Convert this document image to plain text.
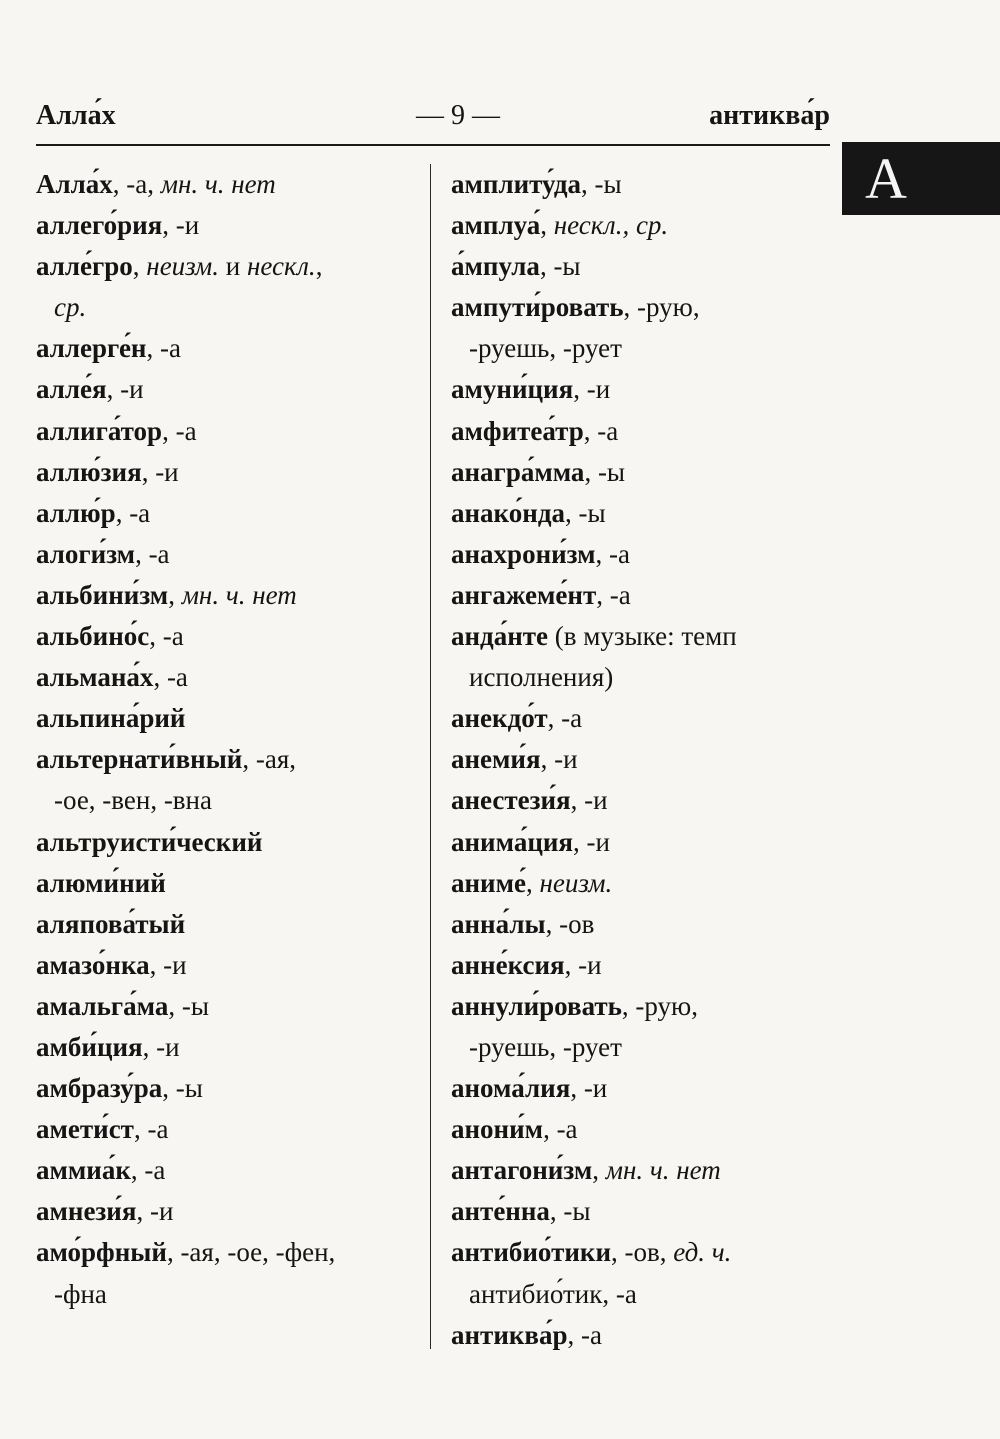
Алла́х	— 9 —	антиква́р
А
Алла́х, -а, мн. ч. нет
аллего́рия, -и
алле́гро, неизм. и нескл.,
ср.
аллерге́н, -а
алле́я, -и
аллига́тор, -а
аллю́зия, -и
аллю́р, -а
алоги́зм, -а
альбини́зм, мн. ч. нет
альбино́с, -а
альмана́х, -а
альпина́рий
альтернати́вный, -ая,
-ое, -вен, -вна
альтруисти́ческий
алюми́ний
аляпова́тый
амазо́нка, -и
амальга́ма, -ы
амби́ция, -и
амбразу́ра, -ы
амети́ст, -а
аммиа́к, -а
амнези́я, -и
амо́рфный, -ая, -ое, -фен,
-фна
амплиту́да, -ы
амплуа́, нескл., ср.
а́мпула, -ы
ампути́ровать, -рую,
-руешь, -рует
амуни́ция, -и
амфитеа́тр, -а
анагра́мма, -ы
анако́нда, -ы
анахрони́зм, -а
ангажеме́нт, -а
анда́нте (в музыке: темп
исполнения)
анекдо́т, -а
анеми́я, -и
анестези́я, -и
анима́ция, -и
аниме́, неизм.
анна́лы, -ов
анне́ксия, -и
аннули́ровать, -рую,
-руешь, -рует
анома́лия, -и
анони́м, -а
антагони́зм, мн. ч. нет
анте́нна, -ы
антибио́тики, -ов, ед. ч.
антибио́тик, -а
антиква́р, -а
